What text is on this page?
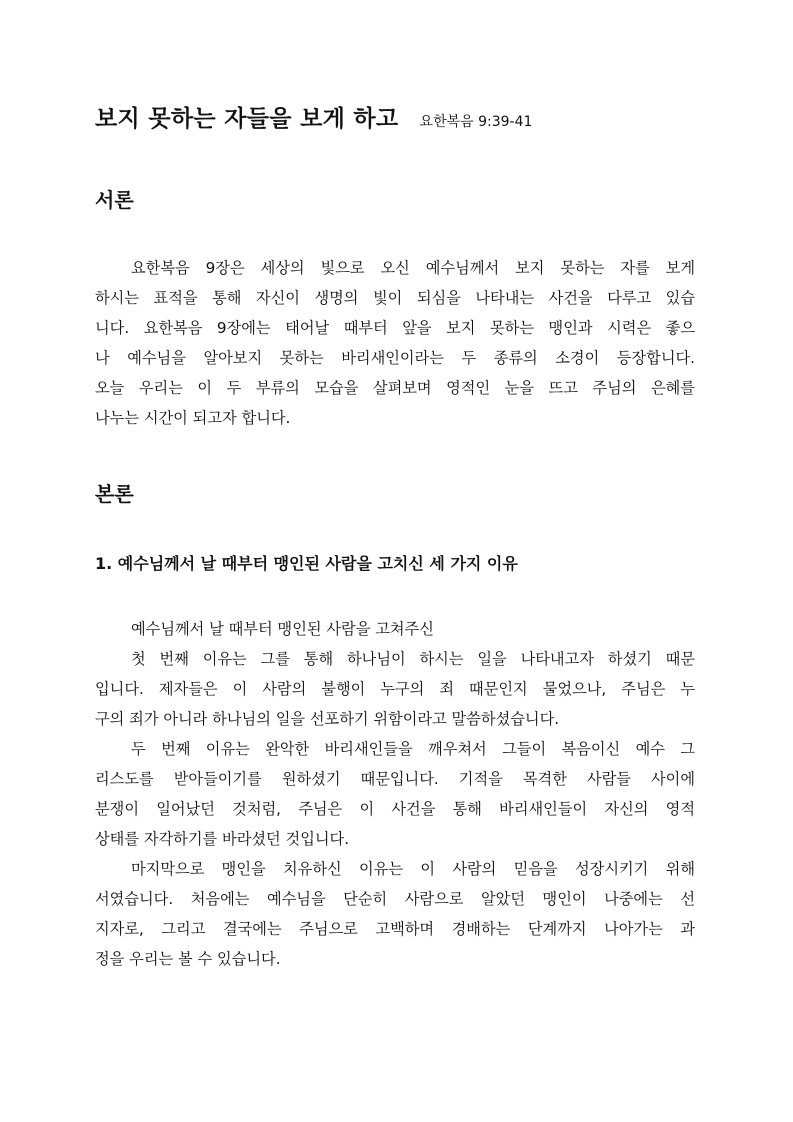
보지 못하는 자들을 보게 하고 요한복음 9:39-41
서론
요한복음 9장은 세상의 빛으로 오신 예수님께서 보지 못하는 자를 보게
하시는 표적을 통해 자신이 생명의 빛이 되심을 나타내는 사건을 다루고 있습
니다. 요한복음 9장에는 태어날 때부터 앞을 보지 못하는 맹인과 시력은 좋으
나 예수님을 알아보지 못하는 바리새인이라는 두 종류의 소경이 등장합니다.
오늘 우리는 이 두 부류의 모습을 살펴보며 영적인 눈을 뜨고 주님의 은혜를
나누는 시간이 되고자 합니다.
본론
1. 예수님께서 날 때부터 맹인된 사람을 고치신 세 가지 이유
예수님께서 날 때부터 맹인된 사람을 고쳐주신
첫 번째 이유는 그를 통해 하나님이 하시는 일을 나타내고자 하셨기 때문
입니다. 제자들은 이 사람의 불행이 누구의 죄 때문인지 물었으나, 주님은 누
구의 죄가 아니라 하나님의 일을 선포하기 위함이라고 말씀하셨습니다.
두 번째 이유는 완악한 바리새인들을 깨우쳐서 그들이 복음이신 예수 그
리스도를 받아들이기를 원하셨기 때문입니다. 기적을 목격한 사람들 사이에
분쟁이 일어났던 것처럼, 주님은 이 사건을 통해 바리새인들이 자신의 영적
상태를 자각하기를 바라셨던 것입니다.
마지막으로 맹인을 치유하신 이유는 이 사람의 믿음을 성장시키기 위해
서였습니다. 처음에는 예수님을 단순히 사람으로 알았던 맹인이 나중에는 선
지자로, 그리고 결국에는 주님으로 고백하며 경배하는 단계까지 나아가는 과
정을 우리는 볼 수 있습니다.
